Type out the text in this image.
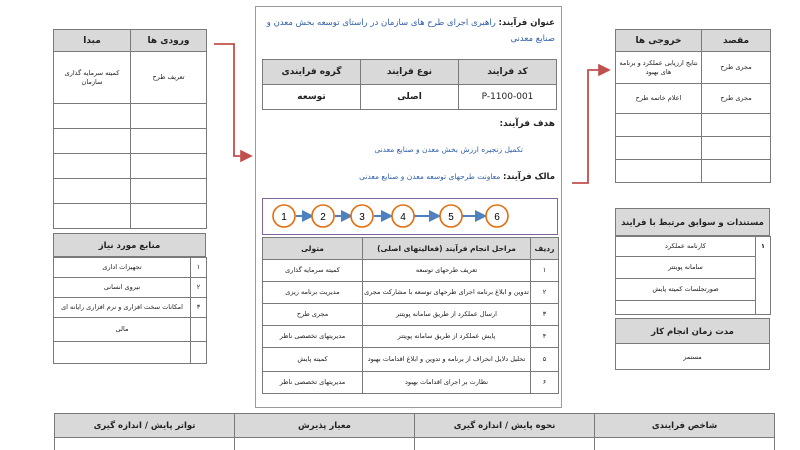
ورودی ها	مبدا
تعریف طرح	کمیته سرمایه گذاری سازمان

منابع مورد نیاز
۱	تجهیزات اداری
۲	نیروی انسانی
۳	امکانات سخت افزاری و نرم افزاری رایانه ای
	مالی

عنوان فرآیند: راهبری اجرای طرح های سازمان در راستای توسعه بخش معدن و صنایع معدنی
گروه فرایندی	نوع فرایند	کد فرایند
توسعه	اصلی	P-1100-001
هدف فرآیند:
تکمیل زنجیره ارزش بخش معدن و صنایع معدنی
مالک فرآیند: معاونت طرحهای توسعه معدن و صنایع معدنی
1	2	3	4	5	6
ردیف	مراحل انجام فرآیند (فعالیتهای اصلی)	متولی
۱	تعریف طرحهای توسعه	کمیته سرمایه گذاری
۲	تدوین و ابلاغ برنامه اجرای طرحهای توسعه با مشارکت مجری	مدیریت برنامه ریزی
۳	ارسال عملکرد از طریق سامانه پویتتر	مجری طرح
۴	پایش عملکرد از طریق سامانه پویتتر	مدیریتهای تخصصی ناظر
۵	تحلیل دلایل انحراف از برنامه و تدوین و ابلاغ اقدامات بهبود	کمیته پایش
۶	نظارت بر اجرای اقدامات بهبود	مدیریتهای تخصصی ناظر
خروجی ها	مقصد
نتایج ارزیابی عملکرد و برنامه های بهبود	مجری طرح
اعلام خاتمه طرح	مجری طرح

مستندات و سوابق مرتبط با فرایند
کارنامه عملکرد	۱
سامانه پویتتر
صورتجلسات کمیته پایش

مدت زمان انجام کار
مستمر
شاخص فرایندی	نحوه پایش / اندازه گیری	معیار پذیرش	تواتر پایش / اندازه گیری
